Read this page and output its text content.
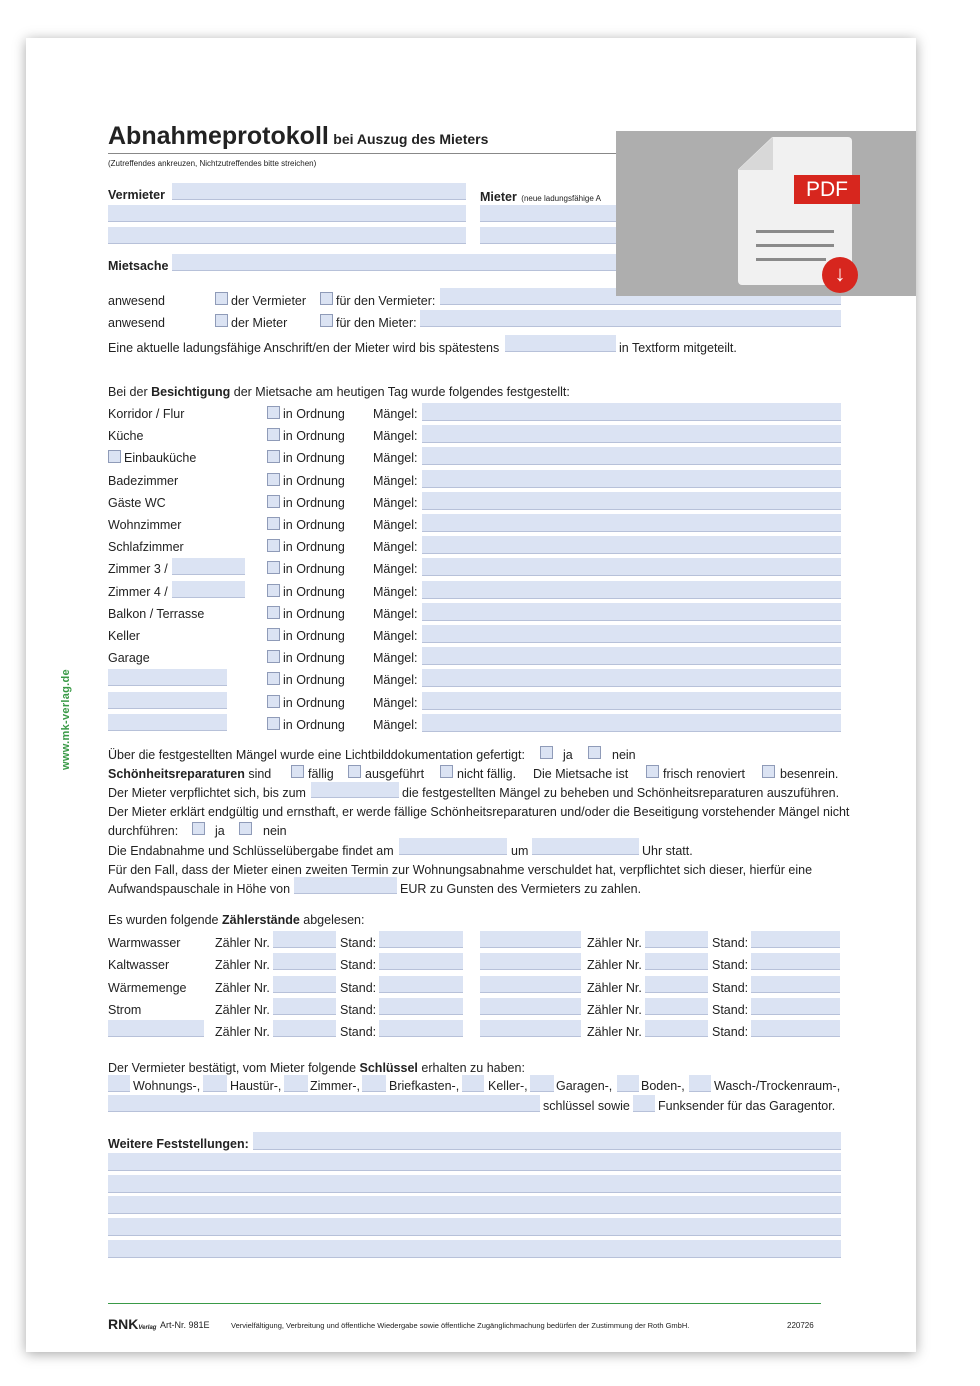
www.mk-verlag.de
Abnahmeprotokoll bei Auszug des Mieters
(Zutreffendes ankreuzen, Nichtzutreffendes bitte streichen)
Vermieter	Mieter (neue ladungsfähige A
Mietsache
anwesend	der Vermieter für den Vermieter:
anwesend	der Mieter	für den Mieter:
Eine aktuelle ladungsfähige Anschrift/en der Mieter wird bis spätestens	in Textform mitgeteilt.
Bei der Besichtigung der Mietsache am heutigen Tag wurde folgendes festgestellt:
Über die festgestellten Mängel wurde eine Lichtbilddokumentation gefertigt:	ja	nein
Schönheitsreparaturen sind	fällig	ausgeführt	nicht fällig. Die Mietsache ist	frisch renoviert	besenrein.
Der Mieter verpflichtet sich, bis zum	die festgestellten Mängel zu beheben und Schönheitsreparaturen auszuführen.
Der Mieter erklärt endgültig und ernsthaft, er werde fällige Schönheitsreparaturen und/oder die Beseitigung vorstehender Mängel nicht
durchführen:	ja	nein
Die Endabnahme und Schlüsselübergabe findet am	um	Uhr statt.
Für den Fall, dass der Mieter einen zweiten Termin zur Wohnungsabnahme verschuldet hat, verpflichtet sich dieser, hierfür eine
Aufwandspauschale in Höhe von	EUR zu Gunsten des Vermieters zu zahlen.
Es wurden folgende Zählerstände abgelesen:
Der Vermieter bestätigt, vom Mieter folgende Schlüssel erhalten zu haben:
schlüssel sowie Funksender für das Garagentor.
Weitere Feststellungen:
RNKVerlag Art-Nr. 981E	Vervielfältigung, Verbreitung und öffentliche Wiedergabe sowie öffentliche Zugänglichmachung bedürfen der Zustimmung der Roth GmbH.	220726
PDF
↓
Korridor / Flur	in Ordnung Mängel:
Küche	in Ordnung Mängel:
Einbauküche	in Ordnung Mängel:
Badezimmer	in Ordnung Mängel:
Gäste WC	in Ordnung Mängel:
Wohnzimmer	in Ordnung Mängel:
Schlafzimmer	in Ordnung Mängel:
Zimmer 3 /	in Ordnung Mängel:
Zimmer 4 /	in Ordnung Mängel:
Balkon / Terrasse	in Ordnung Mängel:
Keller	in Ordnung Mängel:
Garage	in Ordnung Mängel:
in Ordnung Mängel:
in Ordnung Mängel:
in Ordnung Mängel:
Warmwasser	Zähler Nr.	Stand:	Zähler Nr.	Stand:
Kaltwasser	Zähler Nr.	Stand:	Zähler Nr.	Stand:
Wärmemenge Zähler Nr.	Stand:	Zähler Nr.	Stand:
Strom	Zähler Nr.	Stand:	Zähler Nr.	Stand:
Zähler Nr.	Stand:	Zähler Nr.	Stand:
Wohnungs-, Haustür-, Zimmer-, Briefkasten-, Keller-, Garagen-, Boden-, Wasch-/Trockenraum-,
